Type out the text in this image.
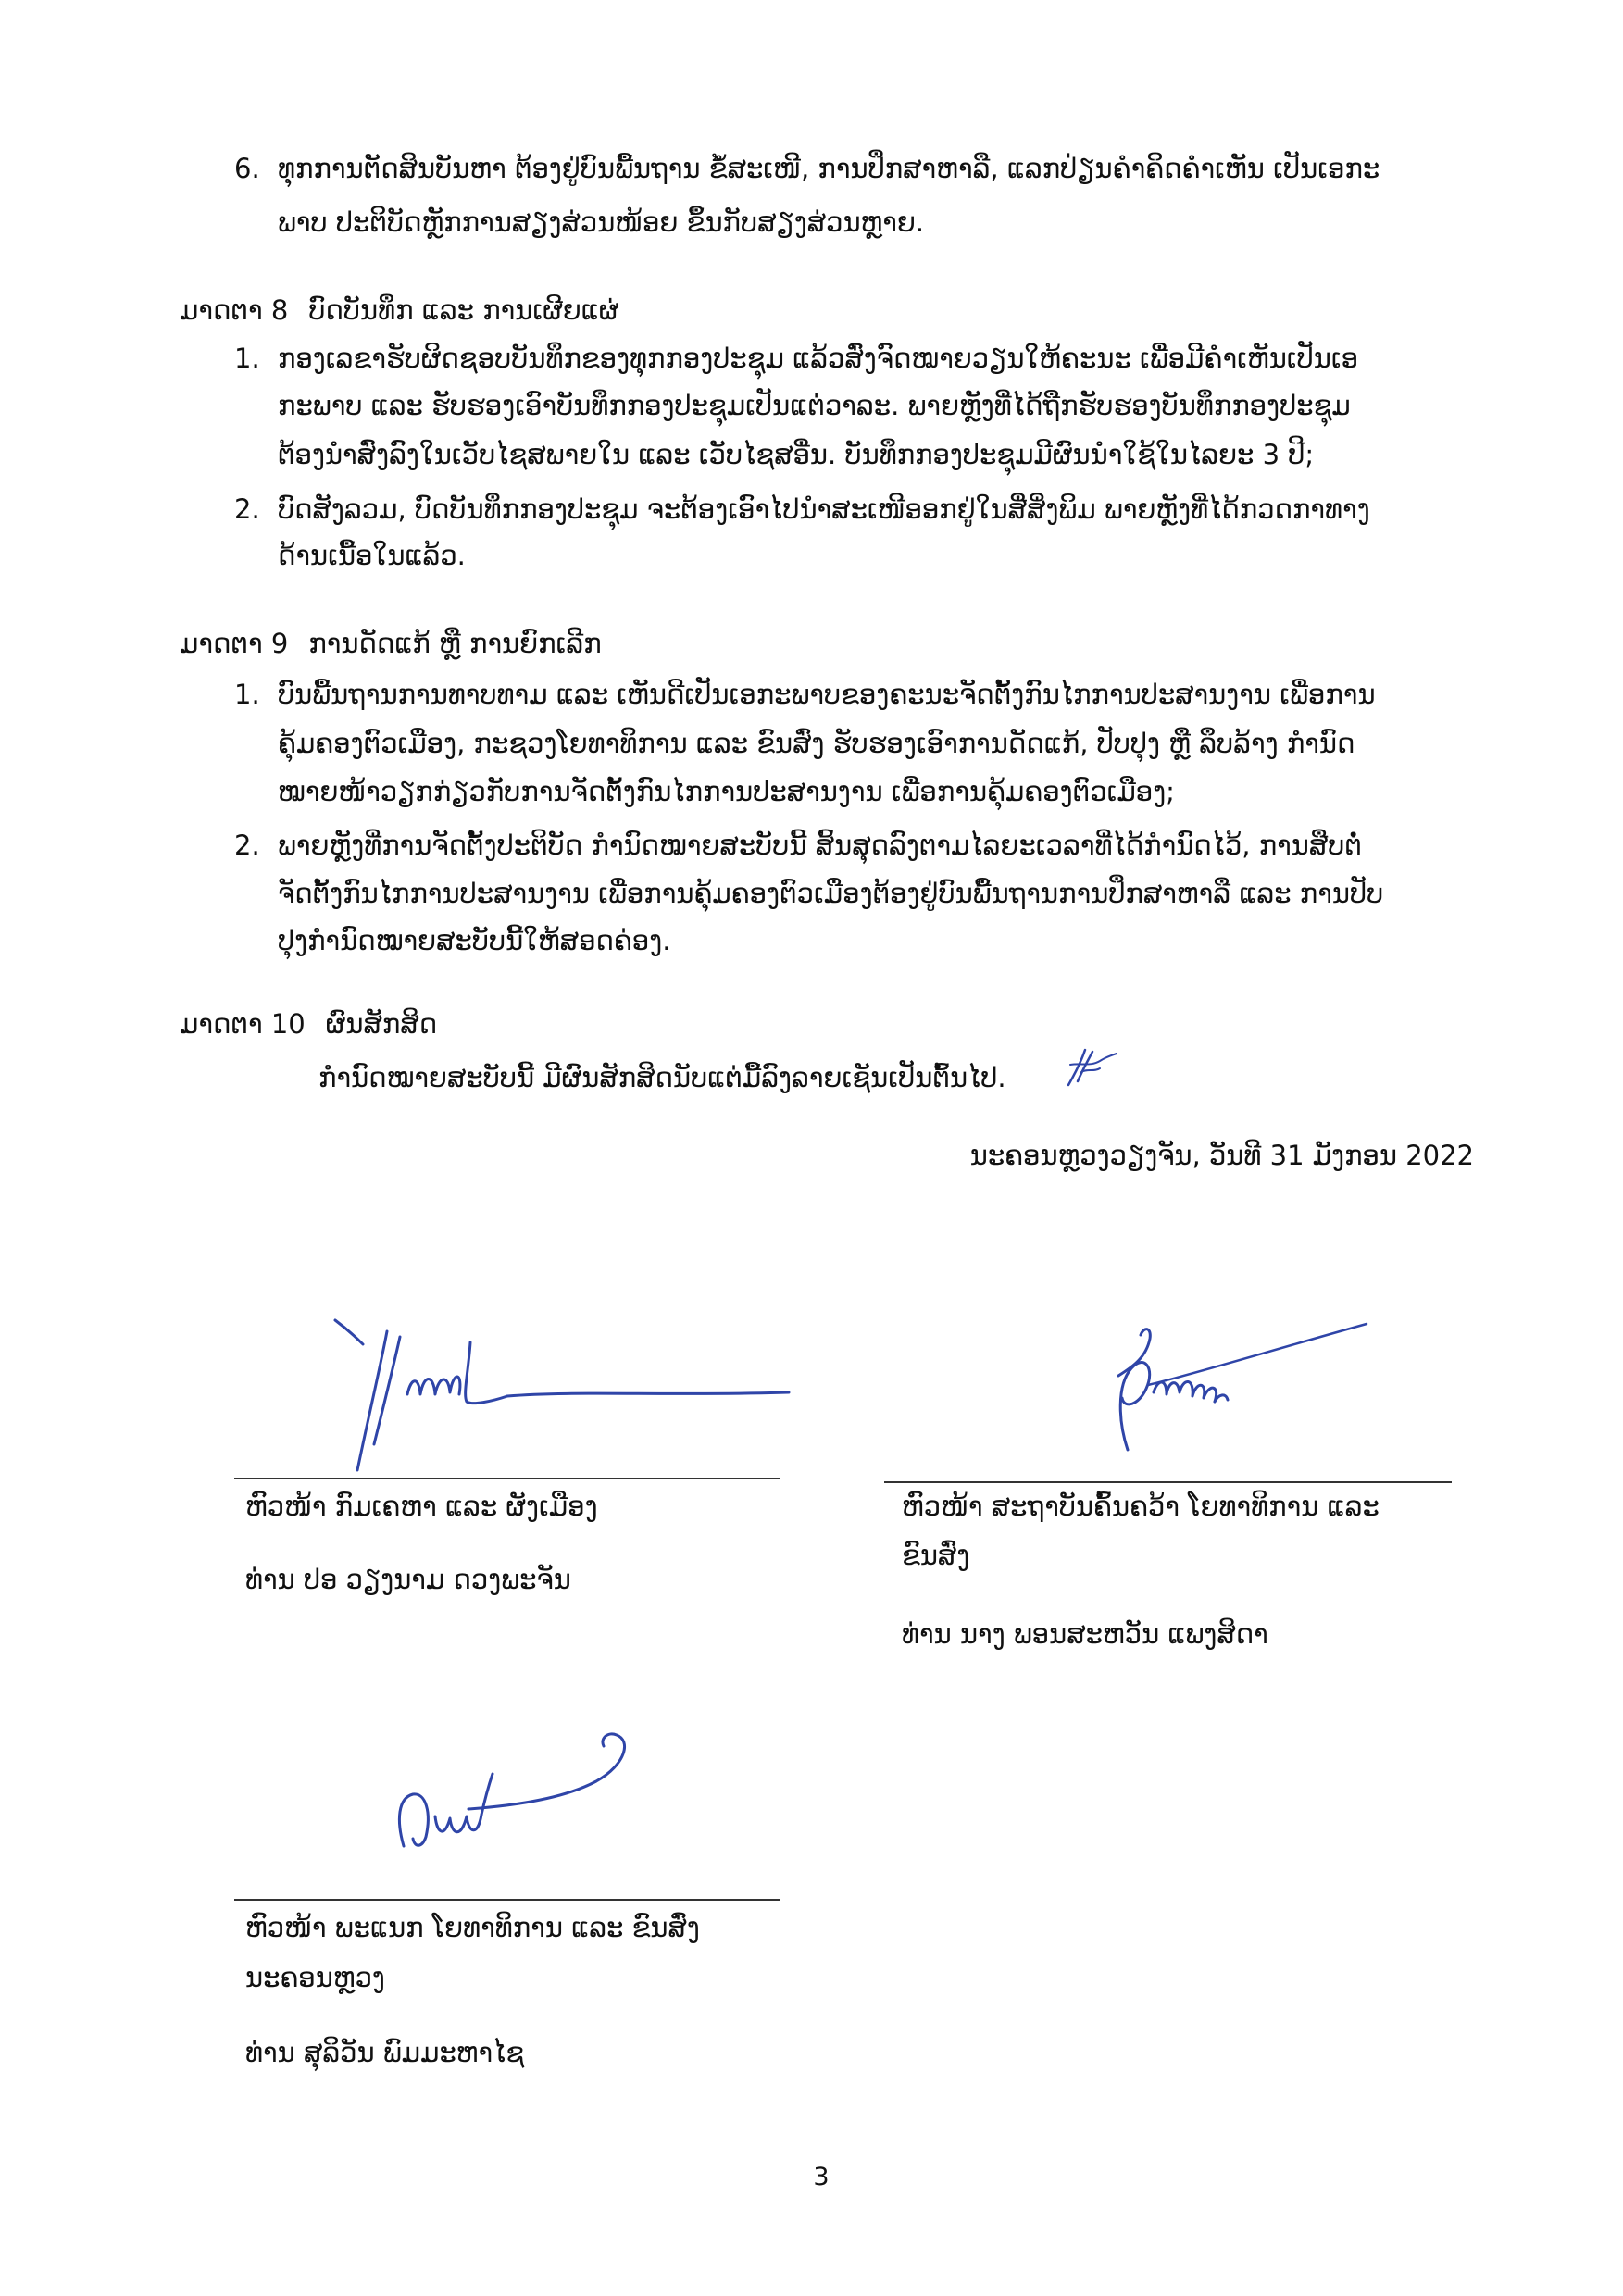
6. ທຸກການຕັດສິນບັນຫາ ຕ້ອງຢູ່ບົນພື້ນຖານ ຂໍ້ສະເໜີ, ການປຶກສາຫາລື, ແລກປ່ຽນຄຳຄິດຄຳເຫັນ ເປັນເອກະ
ພາບ ປະຕິບັດຫຼັກການສຽງສ່ວນໜ້ອຍ ຂຶ້ນກັບສຽງສ່ວນຫຼາຍ.
ມາດຕາ 8 ບົດບັນທຶກ ແລະ ການເຜີຍແຜ່
1. ກອງເລຂາຮັບຜິດຊອບບັນທຶກຂອງທຸກກອງປະຊຸມ ແລ້ວສົ່ງຈົດໝາຍວຽນໃຫ້ຄະນະ ເພື່ອມີຄຳເຫັນເປັນເອ
ກະພາບ ແລະ ຮັບຮອງເອົາບັນທຶກກອງປະຊຸມເປັນແຕ່ວາລະ. ພາຍຫຼັງທີ່ໄດ້ຖືກຮັບຮອງບັນທຶກກອງປະຊຸມ
ຕ້ອງນຳສົ່ງລົງໃນເວັບໄຊສພາຍໃນ ແລະ ເວັບໄຊສອື່ນ. ບັນທຶກກອງປະຊຸມມີຜົນນຳໃຊ້ໃນໄລຍະ 3 ປີ;
2. ບົດສັງລວມ, ບົດບັນທຶກກອງປະຊຸມ ຈະຕ້ອງເອົາໄປນຳສະເໜີອອກຢູ່ໃນສື່ສິ່ງພິມ ພາຍຫຼັງທີ່ໄດ້ກວດກາທາງ
ດ້ານເນື້ອໃນແລ້ວ.
ມາດຕາ 9 ການດັດແກ້ ຫຼື ການຍົກເລີກ
1. ບົນພື້ນຖານການທາບທາມ ແລະ ເຫັນດີເປັນເອກະພາບຂອງຄະນະຈັດຕັ້ງກົນໄກການປະສານງານ ເພື່ອການ
ຄຸ້ມຄອງຕົວເມືອງ, ກະຊວງໂຍທາທິການ ແລະ ຂົນສົ່ງ ຮັບຮອງເອົາການດັດແກ້, ປັບປຸງ ຫຼື ລຶບລ້າງ ກຳນົດ
ໝາຍໜ້າວຽກກ່ຽວກັບການຈັດຕັ້ງກົນໄກການປະສານງານ ເພື່ອການຄຸ້ມຄອງຕົວເມືອງ;
2. ພາຍຫຼັງທີ່ການຈັດຕັ້ງປະຕິບັດ ກຳນົດໝາຍສະບັບນີ້ ສິ້ນສຸດລົງຕາມໄລຍະເວລາທີ່ໄດ້ກຳນົດໄວ້, ການສືບຕໍ່
ຈັດຕັ້ງກົນໄກການປະສານງານ ເພື່ອການຄຸ້ມຄອງຕົວເມືອງຕ້ອງຢູ່ບົນພື້ນຖານການປຶກສາຫາລື ແລະ ການປັບ
ປຸງກຳນົດໝາຍສະບັບນີ້ໃຫ້ສອດຄ່ອງ.
ມາດຕາ 10 ຜົນສັກສິດ
ກຳນົດໝາຍສະບັບນີ້ ມີຜົນສັກສິດນັບແຕ່ມື້ລົງລາຍເຊັນເປັນຕົ້ນໄປ.
ນະຄອນຫຼວງວຽງຈັນ, ວັນທີ 31 ມັງກອນ 2022
ຫົວໜ້າ ກົມເຄຫາ ແລະ ຜັງເມືອງ
ທ່ານ ປອ ວຽງນາມ ດວງພະຈັນ
ຫົວໜ້າ ສະຖາບັນຄົ້ນຄວ້າ ໂຍທາທິການ ແລະ
ຂົນສົ່ງ
ທ່ານ ນາງ ພອນສະຫວັນ ແພງສິດາ
ຫົວໜ້າ ພະແນກ ໂຍທາທິການ ແລະ ຂົນສົ່ງ
ນະຄອນຫຼວງ
ທ່ານ ສຸລິວັນ ພົມມະຫາໄຊ
3
